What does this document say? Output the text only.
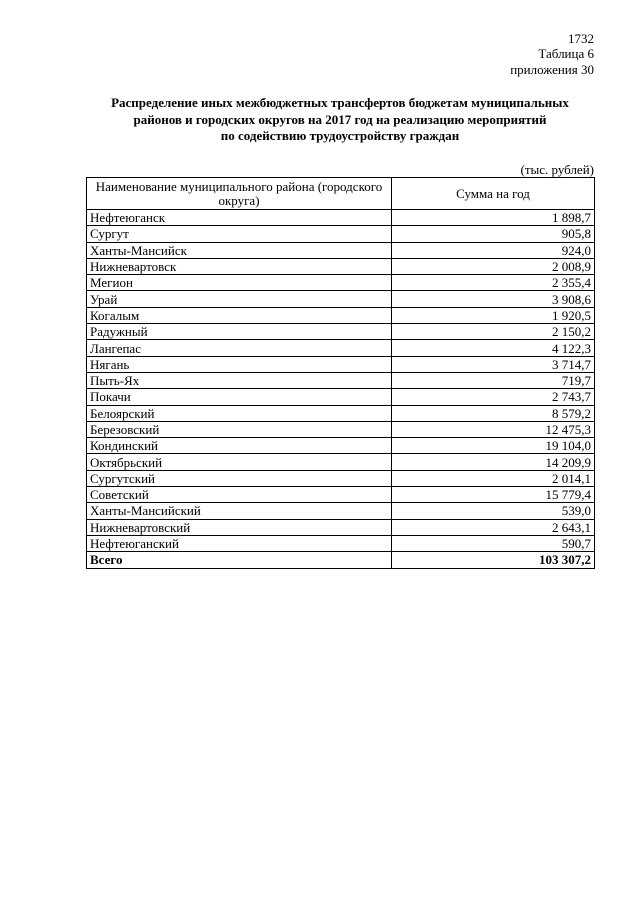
1732
Таблица 6
приложения 30
Распределение иных межбюджетных трансфертов бюджетам муниципальных
районов и городских округов на 2017 год на реализацию мероприятий
по содействию трудоустройству граждан
(тыс. рублей)
Наименование муниципального района (городского округа)	Сумма на год
Нефтеюганск	1 898,7
Сургут	905,8
Ханты-Мансийск	924,0
Нижневартовск	2 008,9
Мегион	2 355,4
Урай	3 908,6
Когалым	1 920,5
Радужный	2 150,2
Лангепас	4 122,3
Нягань	3 714,7
Пыть-Ях	719,7
Покачи	2 743,7
Белоярский	8 579,2
Березовский	12 475,3
Кондинский	19 104,0
Октябрьский	14 209,9
Сургутский	2 014,1
Советский	15 779,4
Ханты-Мансийский	539,0
Нижневартовский	2 643,1
Нефтеюганский	590,7
Всего	103 307,2
